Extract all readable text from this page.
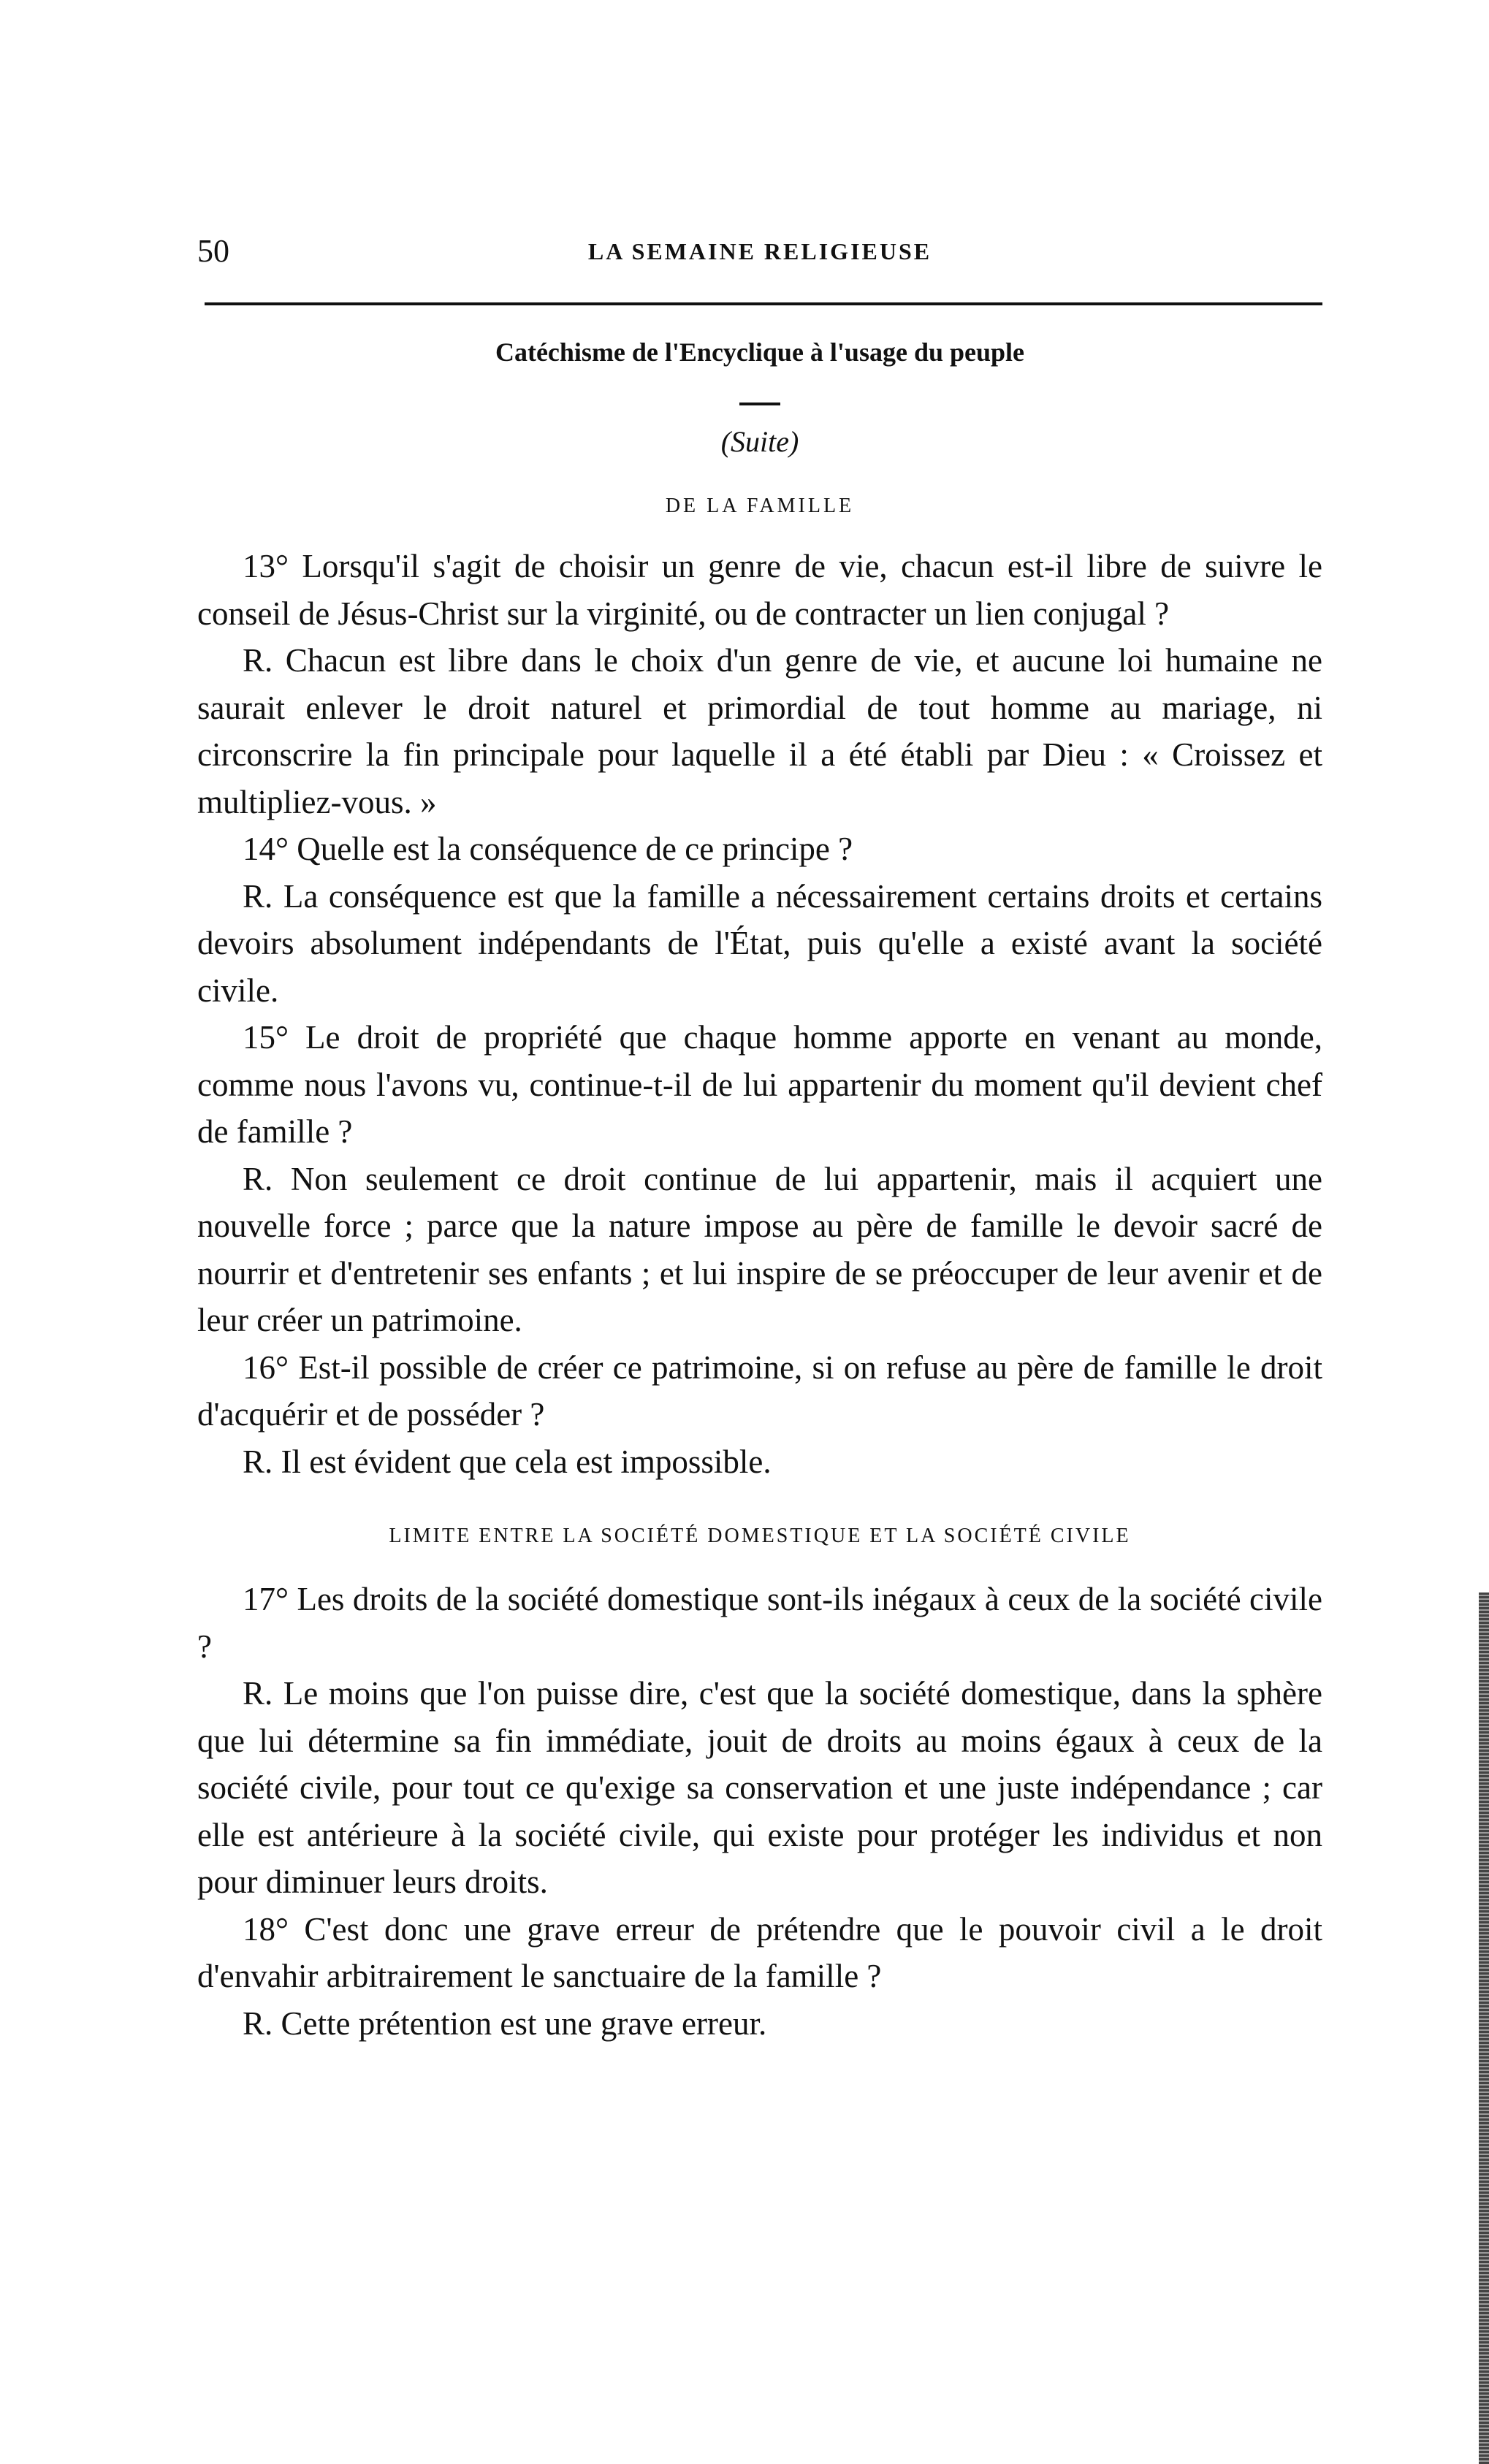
50	LA SEMAINE RELIGIEUSE

Catéchisme de l'Encyclique à l'usage du peuple

(Suite)

DE LA FAMILLE

13° Lorsqu'il s'agit de choisir un genre de vie, chacun est-il libre de suivre le conseil de Jésus-Christ sur la virginité, ou de contracter un lien conjugal ?

R. Chacun est libre dans le choix d'un genre de vie, et aucune loi humaine ne saurait enlever le droit naturel et primordial de tout homme au mariage, ni circonscrire la fin principale pour laquelle il a été établi par Dieu : « Croissez et multipliez-vous. »

14° Quelle est la conséquence de ce principe ?

R. La conséquence est que la famille a nécessairement certains droits et certains devoirs absolument indépendants de l'État, puis qu'elle a existé avant la société civile.

15° Le droit de propriété que chaque homme apporte en venant au monde, comme nous l'avons vu, continue-t-il de lui appartenir du moment qu'il devient chef de famille ?

R. Non seulement ce droit continue de lui appartenir, mais il acquiert une nouvelle force ; parce que la nature impose au père de famille le devoir sacré de nourrir et d'entretenir ses enfants ; et lui inspire de se préoccuper de leur avenir et de leur créer un patrimoine.

16° Est-il possible de créer ce patrimoine, si on refuse au père de famille le droit d'acquérir et de posséder ?

R. Il est évident que cela est impossible.

LIMITE ENTRE LA SOCIÉTÉ DOMESTIQUE ET LA SOCIÉTÉ CIVILE

17° Les droits de la société domestique sont-ils inégaux à ceux de la société civile ?

R. Le moins que l'on puisse dire, c'est que la société domestique, dans la sphère que lui détermine sa fin immédiate, jouit de droits au moins égaux à ceux de la société civile, pour tout ce qu'exige sa conservation et une juste indépendance ; car elle est antérieure à la société civile, qui existe pour protéger les individus et non pour diminuer leurs droits.

18° C'est donc une grave erreur de prétendre que le pouvoir civil a le droit d'envahir arbitrairement le sanctuaire de la famille ?

R. Cette prétention est une grave erreur.
